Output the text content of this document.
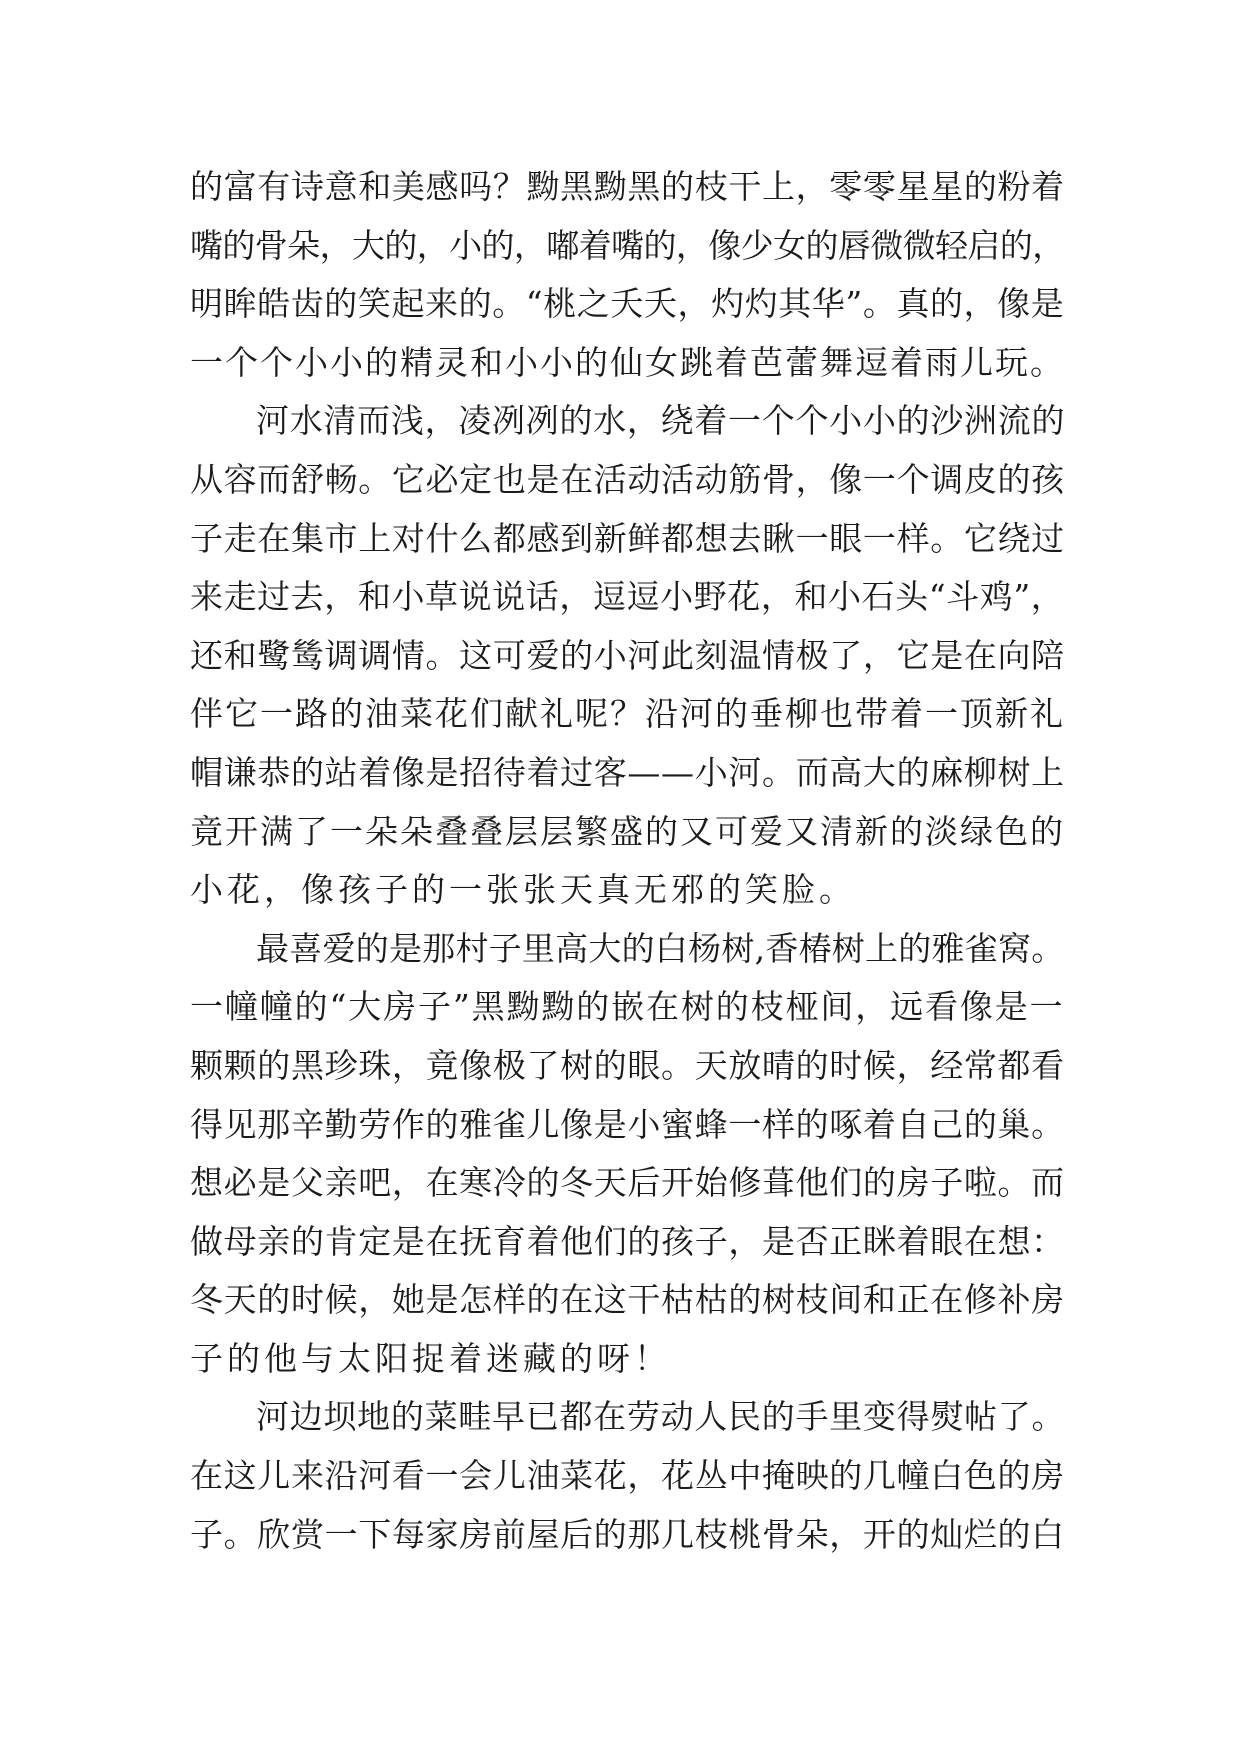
的富有诗意和美感吗？黝黑黝黑的枝干上，零零星星的粉着
嘴的骨朵，大的，小的，嘟着嘴的，像少女的唇微微轻启的，
明眸皓齿的笑起来的。“桃之夭夭，灼灼其华”。真的，像是
一个个小小的精灵和小小的仙女跳着芭蕾舞逗着雨儿玩。
河水清而浅，凌冽冽的水，绕着一个个小小的沙洲流的
从容而舒畅。它必定也是在活动活动筋骨，像一个调皮的孩
子走在集市上对什么都感到新鲜都想去瞅一眼一样。它绕过
来走过去，和小草说说话，逗逗小野花，和小石头“斗鸡”，
还和鹭鸶调调情。这可爱的小河此刻温情极了，它是在向陪
伴它一路的油菜花们献礼呢？沿河的垂柳也带着一顶新礼
帽谦恭的站着像是招待着过客——小河。而高大的麻柳树上
竟开满了一朵朵叠叠层层繁盛的又可爱又清新的淡绿色的
小花，像孩子的一张张天真无邪的笑脸。
最喜爱的是那村子里高大的白杨树,香椿树上的雅雀窝。
一幢幢的“大房子”黑黝黝的嵌在树的枝桠间，远看像是一
颗颗的黑珍珠，竟像极了树的眼。天放晴的时候，经常都看
得见那辛勤劳作的雅雀儿像是小蜜蜂一样的啄着自己的巢。
想必是父亲吧，在寒冷的冬天后开始修葺他们的房子啦。而
做母亲的肯定是在抚育着他们的孩子，是否正眯着眼在想：
冬天的时候，她是怎样的在这干枯枯的树枝间和正在修补房
子的他与太阳捉着迷藏的呀！
河边坝地的菜畦早已都在劳动人民的手里变得熨帖了。
在这儿来沿河看一会儿油菜花，花丛中掩映的几幢白色的房
子。欣赏一下每家房前屋后的那几枝桃骨朵，开的灿烂的白
